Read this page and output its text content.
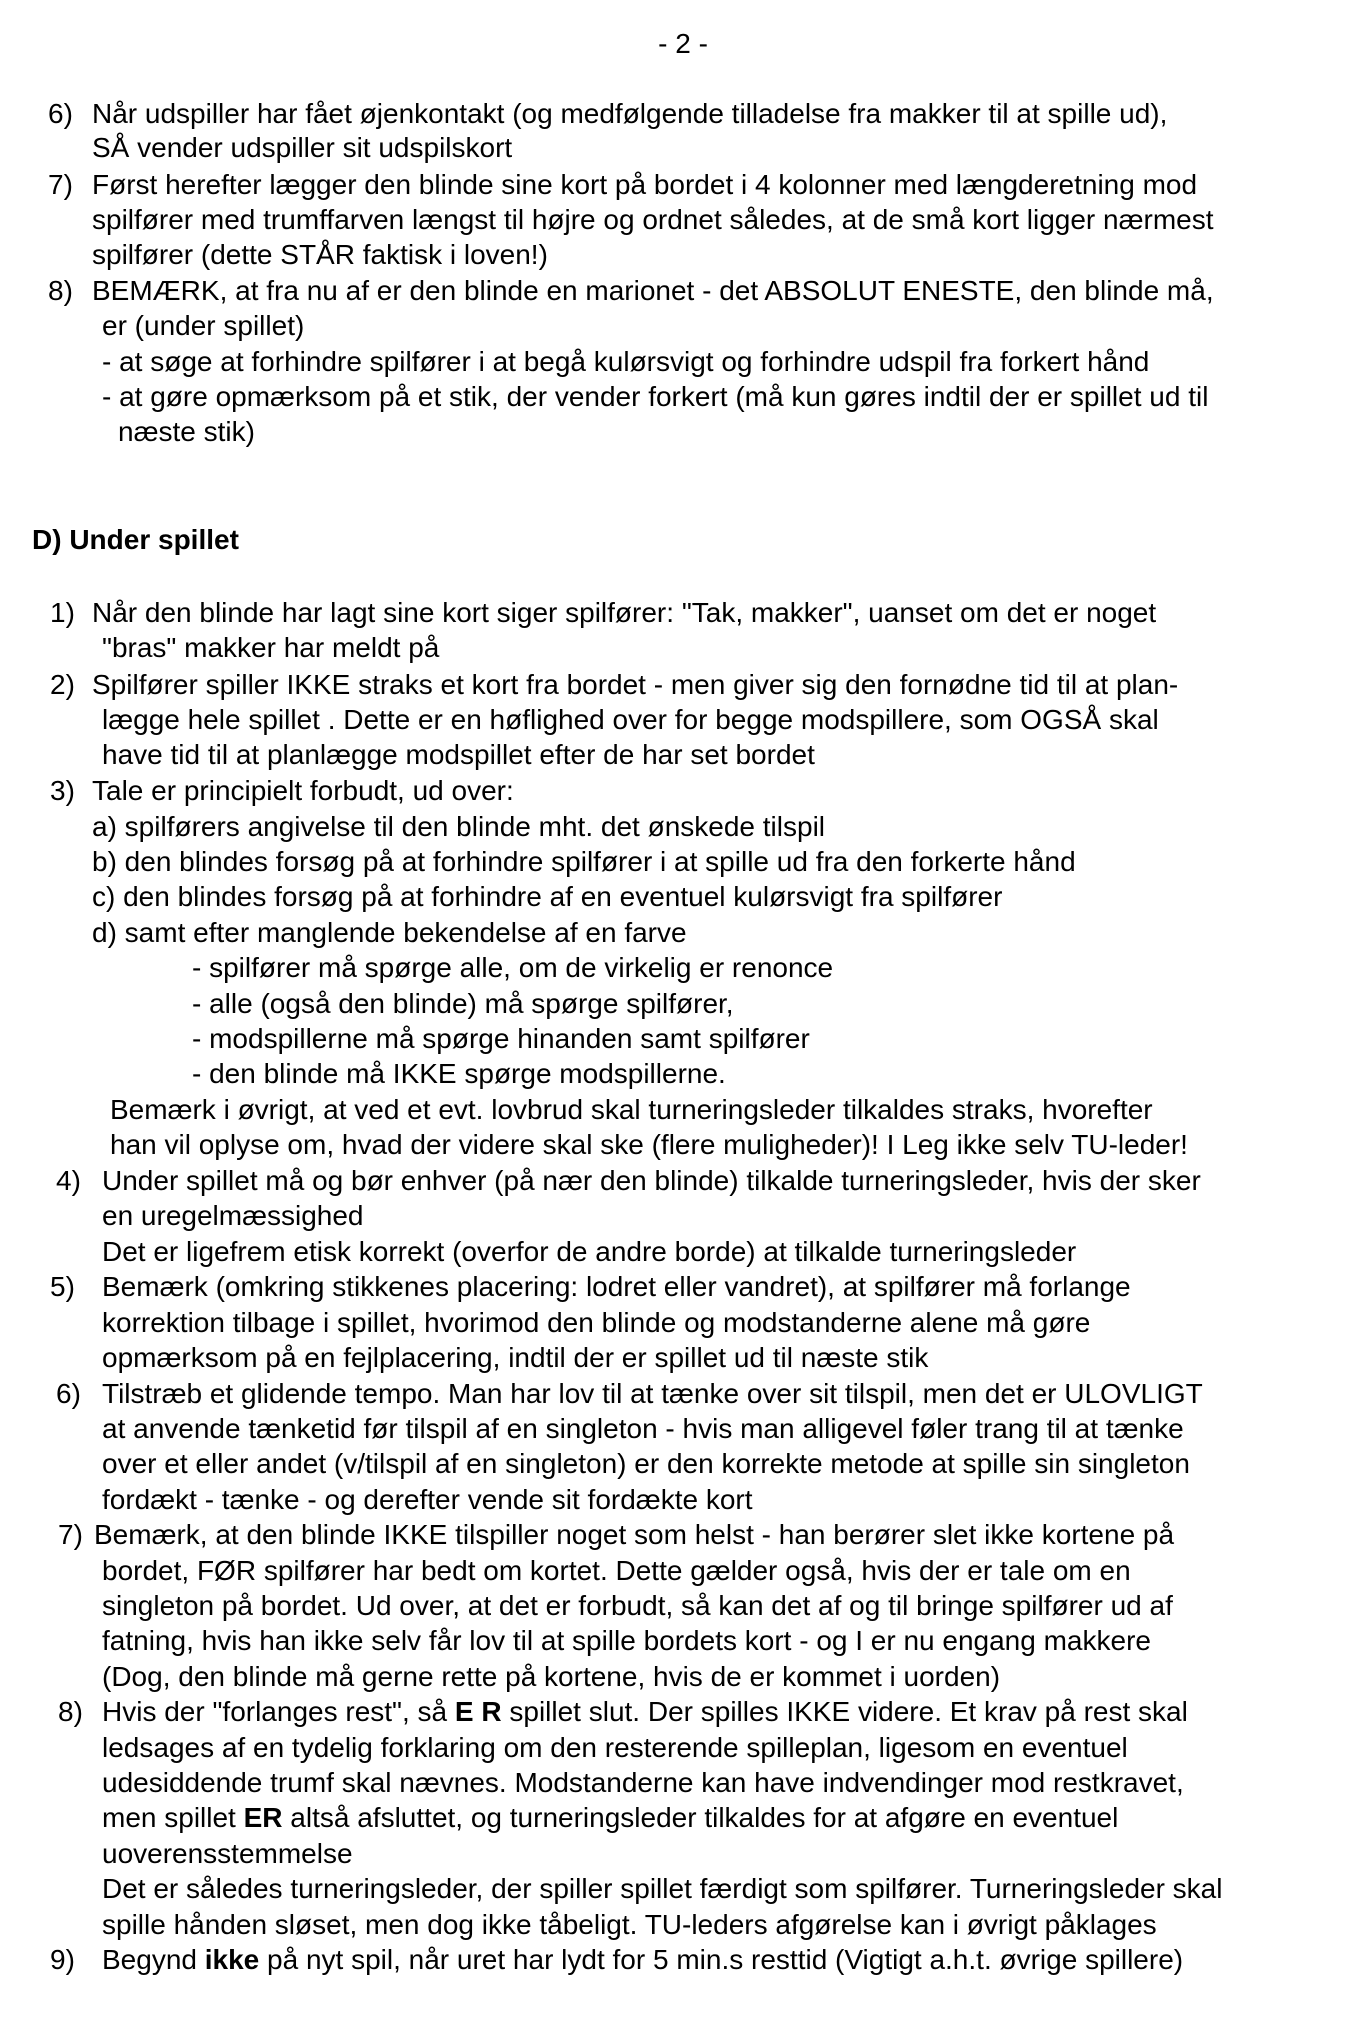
- 2 -
6) Når udspiller har fået øjenkontakt (og medfølgende tilladelse fra makker til at spille ud),
SÅ vender udspiller sit udspilskort
7) Først herefter lægger den blinde sine kort på bordet i 4 kolonner med længderetning mod
spilfører med trumffarven længst til højre og ordnet således, at de små kort ligger nærmest
spilfører (dette STÅR faktisk i loven!)
8) BEMÆRK, at fra nu af er den blinde en marionet - det ABSOLUT ENESTE, den blinde må,
er (under spillet)
- at søge at forhindre spilfører i at begå kulørsvigt og forhindre udspil fra forkert hånd
- at gøre opmærksom på et stik, der vender forkert (må kun gøres indtil der er spillet ud til
næste stik)
D) Under spillet
1) Når den blinde har lagt sine kort siger spilfører: "Tak, makker", uanset om det er noget
"bras" makker har meldt på
2) Spilfører spiller IKKE straks et kort fra bordet - men giver sig den fornødne tid til at plan-
lægge hele spillet . Dette er en høflighed over for begge modspillere, som OGSÅ skal
have tid til at planlægge modspillet efter de har set bordet
3) Tale er principielt forbudt, ud over:
a) spilførers angivelse til den blinde mht. det ønskede tilspil
b) den blindes forsøg på at forhindre spilfører i at spille ud fra den forkerte hånd
c) den blindes forsøg på at forhindre af en eventuel kulørsvigt fra spilfører
d) samt efter manglende bekendelse af en farve
- spilfører må spørge alle, om de virkelig er renonce
- alle (også den blinde) må spørge spilfører,
- modspillerne må spørge hinanden samt spilfører
- den blinde må IKKE spørge modspillerne.
Bemærk i øvrigt, at ved et evt. lovbrud skal turneringsleder tilkaldes straks, hvorefter
han vil oplyse om, hvad der videre skal ske (flere muligheder)! I Leg ikke selv TU-leder!
4) Under spillet må og bør enhver (på nær den blinde) tilkalde turneringsleder, hvis der sker
en uregelmæssighed
Det er ligefrem etisk korrekt (overfor de andre borde) at tilkalde turneringsleder
5) Bemærk (omkring stikkenes placering: lodret eller vandret), at spilfører må forlange
korrektion tilbage i spillet, hvorimod den blinde og modstanderne alene må gøre
opmærksom på en fejlplacering, indtil der er spillet ud til næste stik
6) Tilstræb et glidende tempo. Man har lov til at tænke over sit tilspil, men det er ULOVLIGT
at anvende tænketid før tilspil af en singleton - hvis man alligevel føler trang til at tænke
over et eller andet (v/tilspil af en singleton) er den korrekte metode at spille sin singleton
fordækt - tænke - og derefter vende sit fordækte kort
7) Bemærk, at den blinde IKKE tilspiller noget som helst - han berører slet ikke kortene på
bordet, FØR spilfører har bedt om kortet. Dette gælder også, hvis der er tale om en
singleton på bordet. Ud over, at det er forbudt, så kan det af og til bringe spilfører ud af
fatning, hvis han ikke selv får lov til at spille bordets kort - og I er nu engang makkere
(Dog, den blinde må gerne rette på kortene, hvis de er kommet i uorden)
8) Hvis der "forlanges rest", så E R spillet slut. Der spilles IKKE videre. Et krav på rest skal
ledsages af en tydelig forklaring om den resterende spilleplan, ligesom en eventuel
udesiddende trumf skal nævnes. Modstanderne kan have indvendinger mod restkravet,
men spillet ER altså afsluttet, og turneringsleder tilkaldes for at afgøre en eventuel
uoverensstemmelse
Det er således turneringsleder, der spiller spillet færdigt som spilfører. Turneringsleder skal
spille hånden sløset, men dog ikke tåbeligt. TU-leders afgørelse kan i øvrigt påklages
9) Begynd ikke på nyt spil, når uret har lydt for 5 min.s resttid (Vigtigt a.h.t. øvrige spillere)
